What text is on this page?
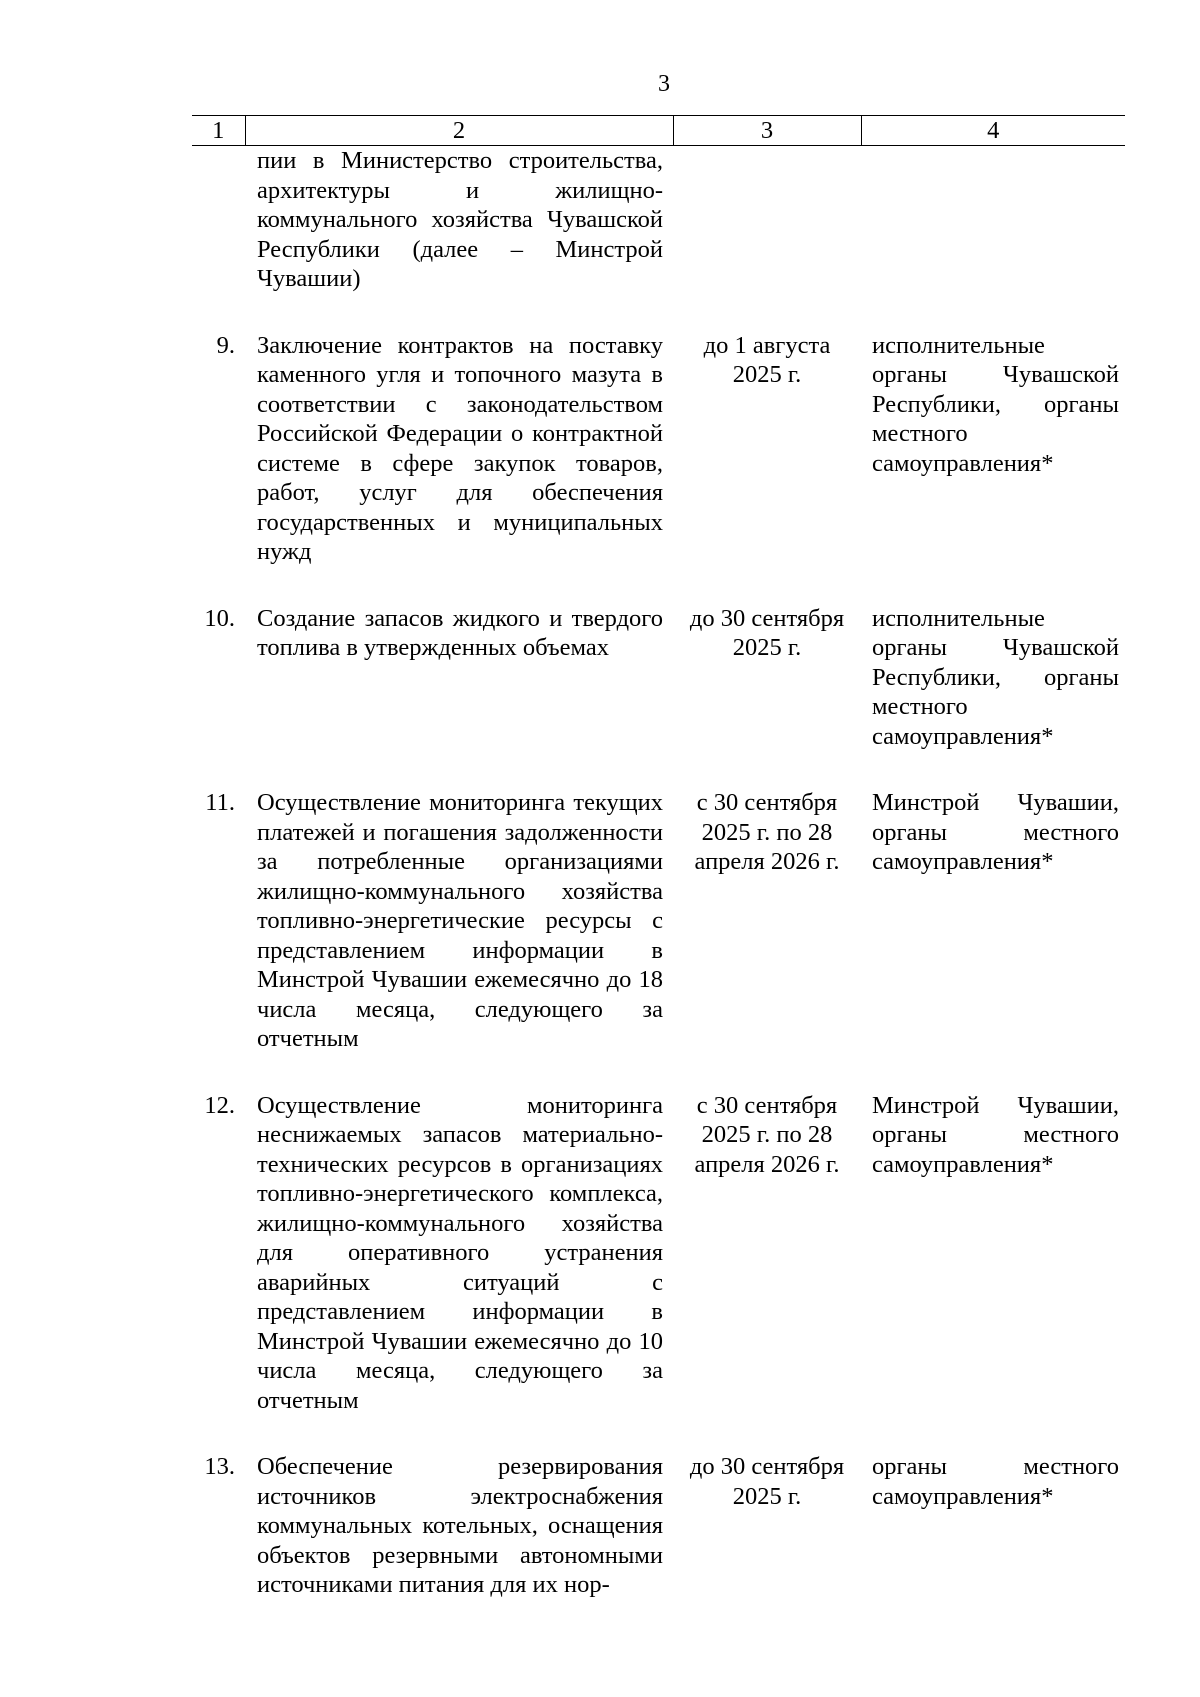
3
1	2	3	4
	пии в Министерство строительства, архитектуры и жилищно-коммунального хозяйства Чувашской Республики (далее – Минстрой Чувашии)		
9.	Заключение контрактов на поставку каменного угля и топочного мазута в соответствии с законодательством Российской Федерации о контрактной системе в сфере закупок товаров, работ, услуг для обеспечения государственных и муниципальных нужд	до 1 августа 2025 г.	исполнительные органы Чувашской Республики, органы местного самоуправления*
10.	Создание запасов жидкого и твердого топлива в утвержденных объемах	до 30 сентября 2025 г.	исполнительные органы Чувашской Республики, органы местного самоуправления*
11.	Осуществление мониторинга текущих платежей и погашения задолженности за потребленные организациями жилищно-коммунального хозяйства топливно-энергетические ресурсы с представлением информации в Минстрой Чувашии ежемесячно до 18 числа месяца, следующего за отчетным	с 30 сентября 2025 г. по 28 апреля 2026 г.	Минстрой Чувашии, органы местного самоуправления*
12.	Осуществление мониторинга неснижаемых запасов материально-технических ресурсов в организациях топливно-энергетического комплекса, жилищно-коммунального хозяйства для оперативного устранения аварийных ситуаций с представлением информации в Минстрой Чувашии ежемесячно до 10 числа месяца, следующего за отчетным	с 30 сентября 2025 г. по 28 апреля 2026 г.	Минстрой Чувашии, органы местного самоуправления*
13.	Обеспечение резервирования источников электроснабжения коммунальных котельных, оснащения объектов резервными автономными источниками питания для их нор-	до 30 сентября 2025 г.	органы местного самоуправления*
